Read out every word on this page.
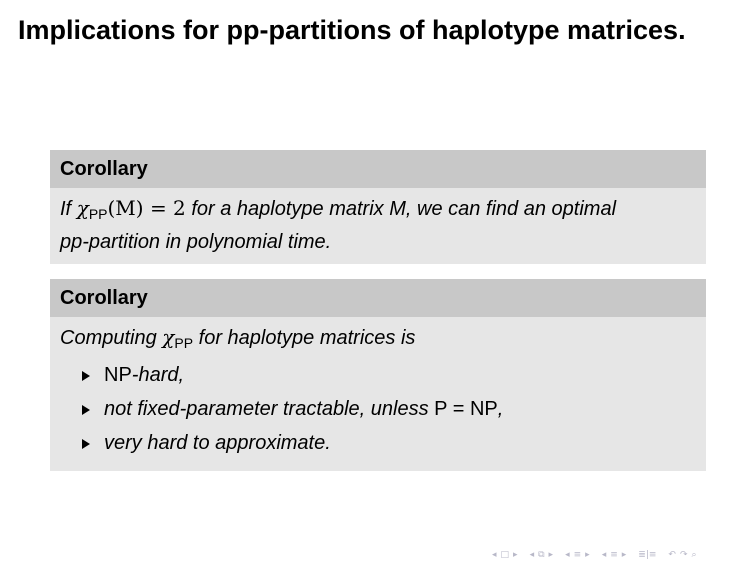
Implications for pp-partitions of haplotype matrices.
Corollary
If $\chi_{PP}(M) = 2$ for a haplotype matrix M, we can find an optimal
pp-partition in polynomial time.
Corollary
Computing $\chi_{PP}$ for haplotype matrices is
NP-hard,
not fixed-parameter tractable, unless P = NP,
very hard to approximate.
◂ □ ▸ ◂ ⧉ ▸ ◂ ≡ ▸ ◂ ≡ ▸ ≣|≡ ↶ ↷ ⌕
